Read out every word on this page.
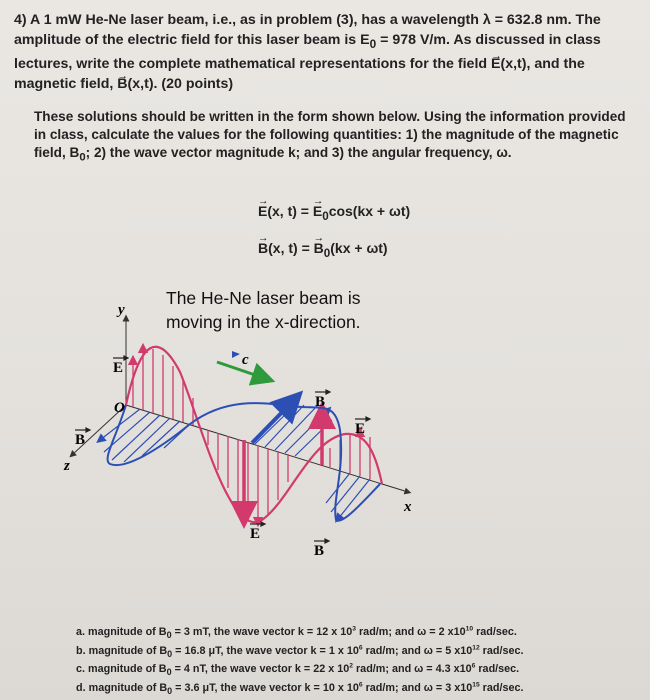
4) A 1 mW He-Ne laser beam, i.e., as in problem (3), has a wavelength λ = 632.8 nm. The amplitude of the electric field for this laser beam is $E_0 = 978$ V/m. As discussed in class lectures, write the complete mathematical representations for the field → E(x,t), and the magnetic field, → B(x,t). (20 points)
These solutions should be written in the form shown below. Using the information provided in class, calculate the values for the following quantities: 1) the magnitude of the magnetic field, $B_0$; 2) the wave vector magnitude k; and 3) the angular frequency, ω.
→ E(x, t) = → $E_0\cos(kx + \omega t)$
→ B(x, t) = → $B_0(kx + \omega t)$
The He-Ne laser beam is
moving in the x-direction.
y
z
x
O
c
E
B
B
E
E
B
a. magnitude of $B_0 = 3$ mT, the wave vector k = 12 x $10^3$ rad/m; and ω = 2 $x10^{10}$ rad/sec.
b. magnitude of $B_0 = 16.8$ μT, the wave vector k = 1 x $10^6$ rad/m; and ω = 5 $x10^{12}$ rad/sec.
c. magnitude of $B_0 = 4$ nT, the wave vector k = 22 x $10^2$ rad/m; and ω = 4.3 $x10^6$ rad/sec.
d. magnitude of $B_0 = 3.6$ μT, the wave vector k = 10 x $10^6$ rad/m; and ω = 3 $x10^{15}$ rad/sec.
